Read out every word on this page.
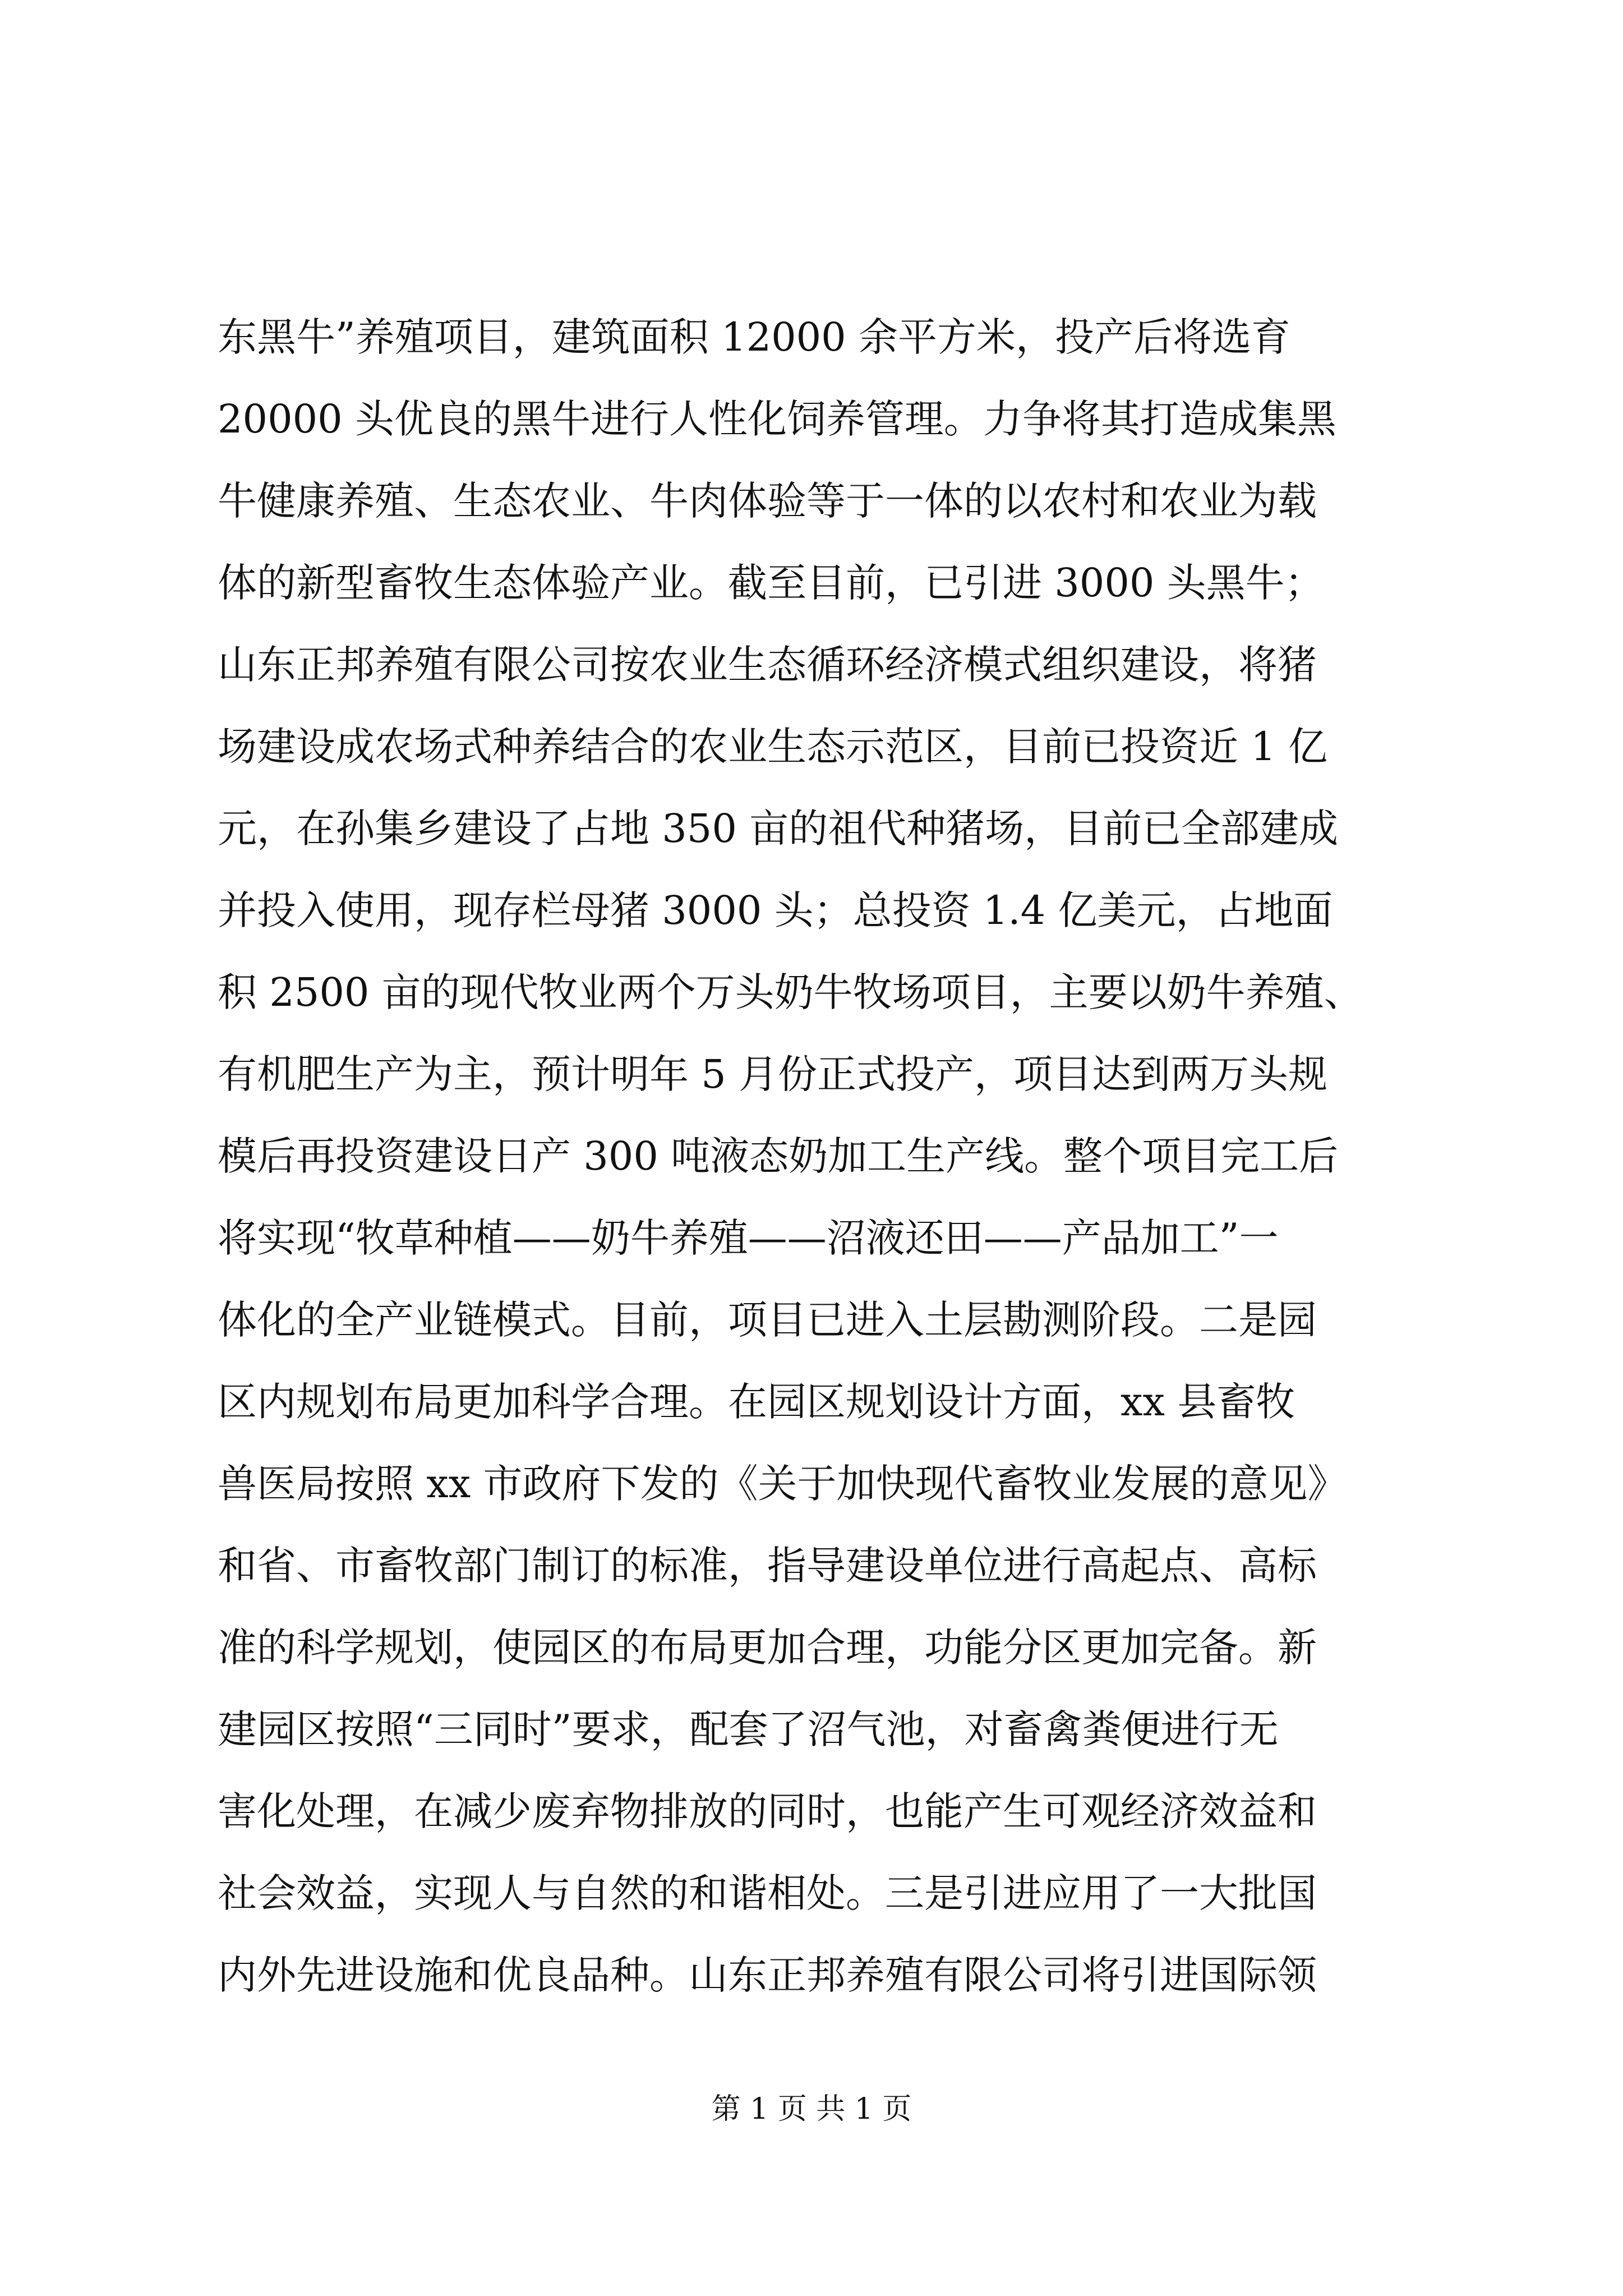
东黑牛”养殖项目，建筑面积 12000 余平方米，投产后将选育
20000 头优良的黑牛进行人性化饲养管理。力争将其打造成集黑
牛健康养殖、生态农业、牛肉体验等于一体的以农村和农业为载
体的新型畜牧生态体验产业。截至目前，已引进 3000 头黑牛；
山东正邦养殖有限公司按农业生态循环经济模式组织建设，将猪
场建设成农场式种养结合的农业生态示范区，目前已投资近 1 亿
元，在孙集乡建设了占地 350 亩的祖代种猪场，目前已全部建成
并投入使用，现存栏母猪 3000 头；总投资 1.4 亿美元，占地面
积 2500 亩的现代牧业两个万头奶牛牧场项目，主要以奶牛养殖、
有机肥生产为主，预计明年 5 月份正式投产，项目达到两万头规
模后再投资建设日产 300 吨液态奶加工生产线。整个项目完工后
将实现“牧草种植——奶牛养殖——沼液还田——产品加工”一
体化的全产业链模式。目前，项目已进入土层勘测阶段。二是园
区内规划布局更加科学合理。在园区规划设计方面，xx 县畜牧
兽医局按照 xx 市政府下发的《关于加快现代畜牧业发展的意见》
和省、市畜牧部门制订的标准，指导建设单位进行高起点、高标
准的科学规划，使园区的布局更加合理，功能分区更加完备。新
建园区按照“三同时”要求，配套了沼气池，对畜禽粪便进行无
害化处理，在减少废弃物排放的同时，也能产生可观经济效益和
社会效益，实现人与自然的和谐相处。三是引进应用了一大批国
内外先进设施和优良品种。山东正邦养殖有限公司将引进国际领
第 1 页 共 1 页
